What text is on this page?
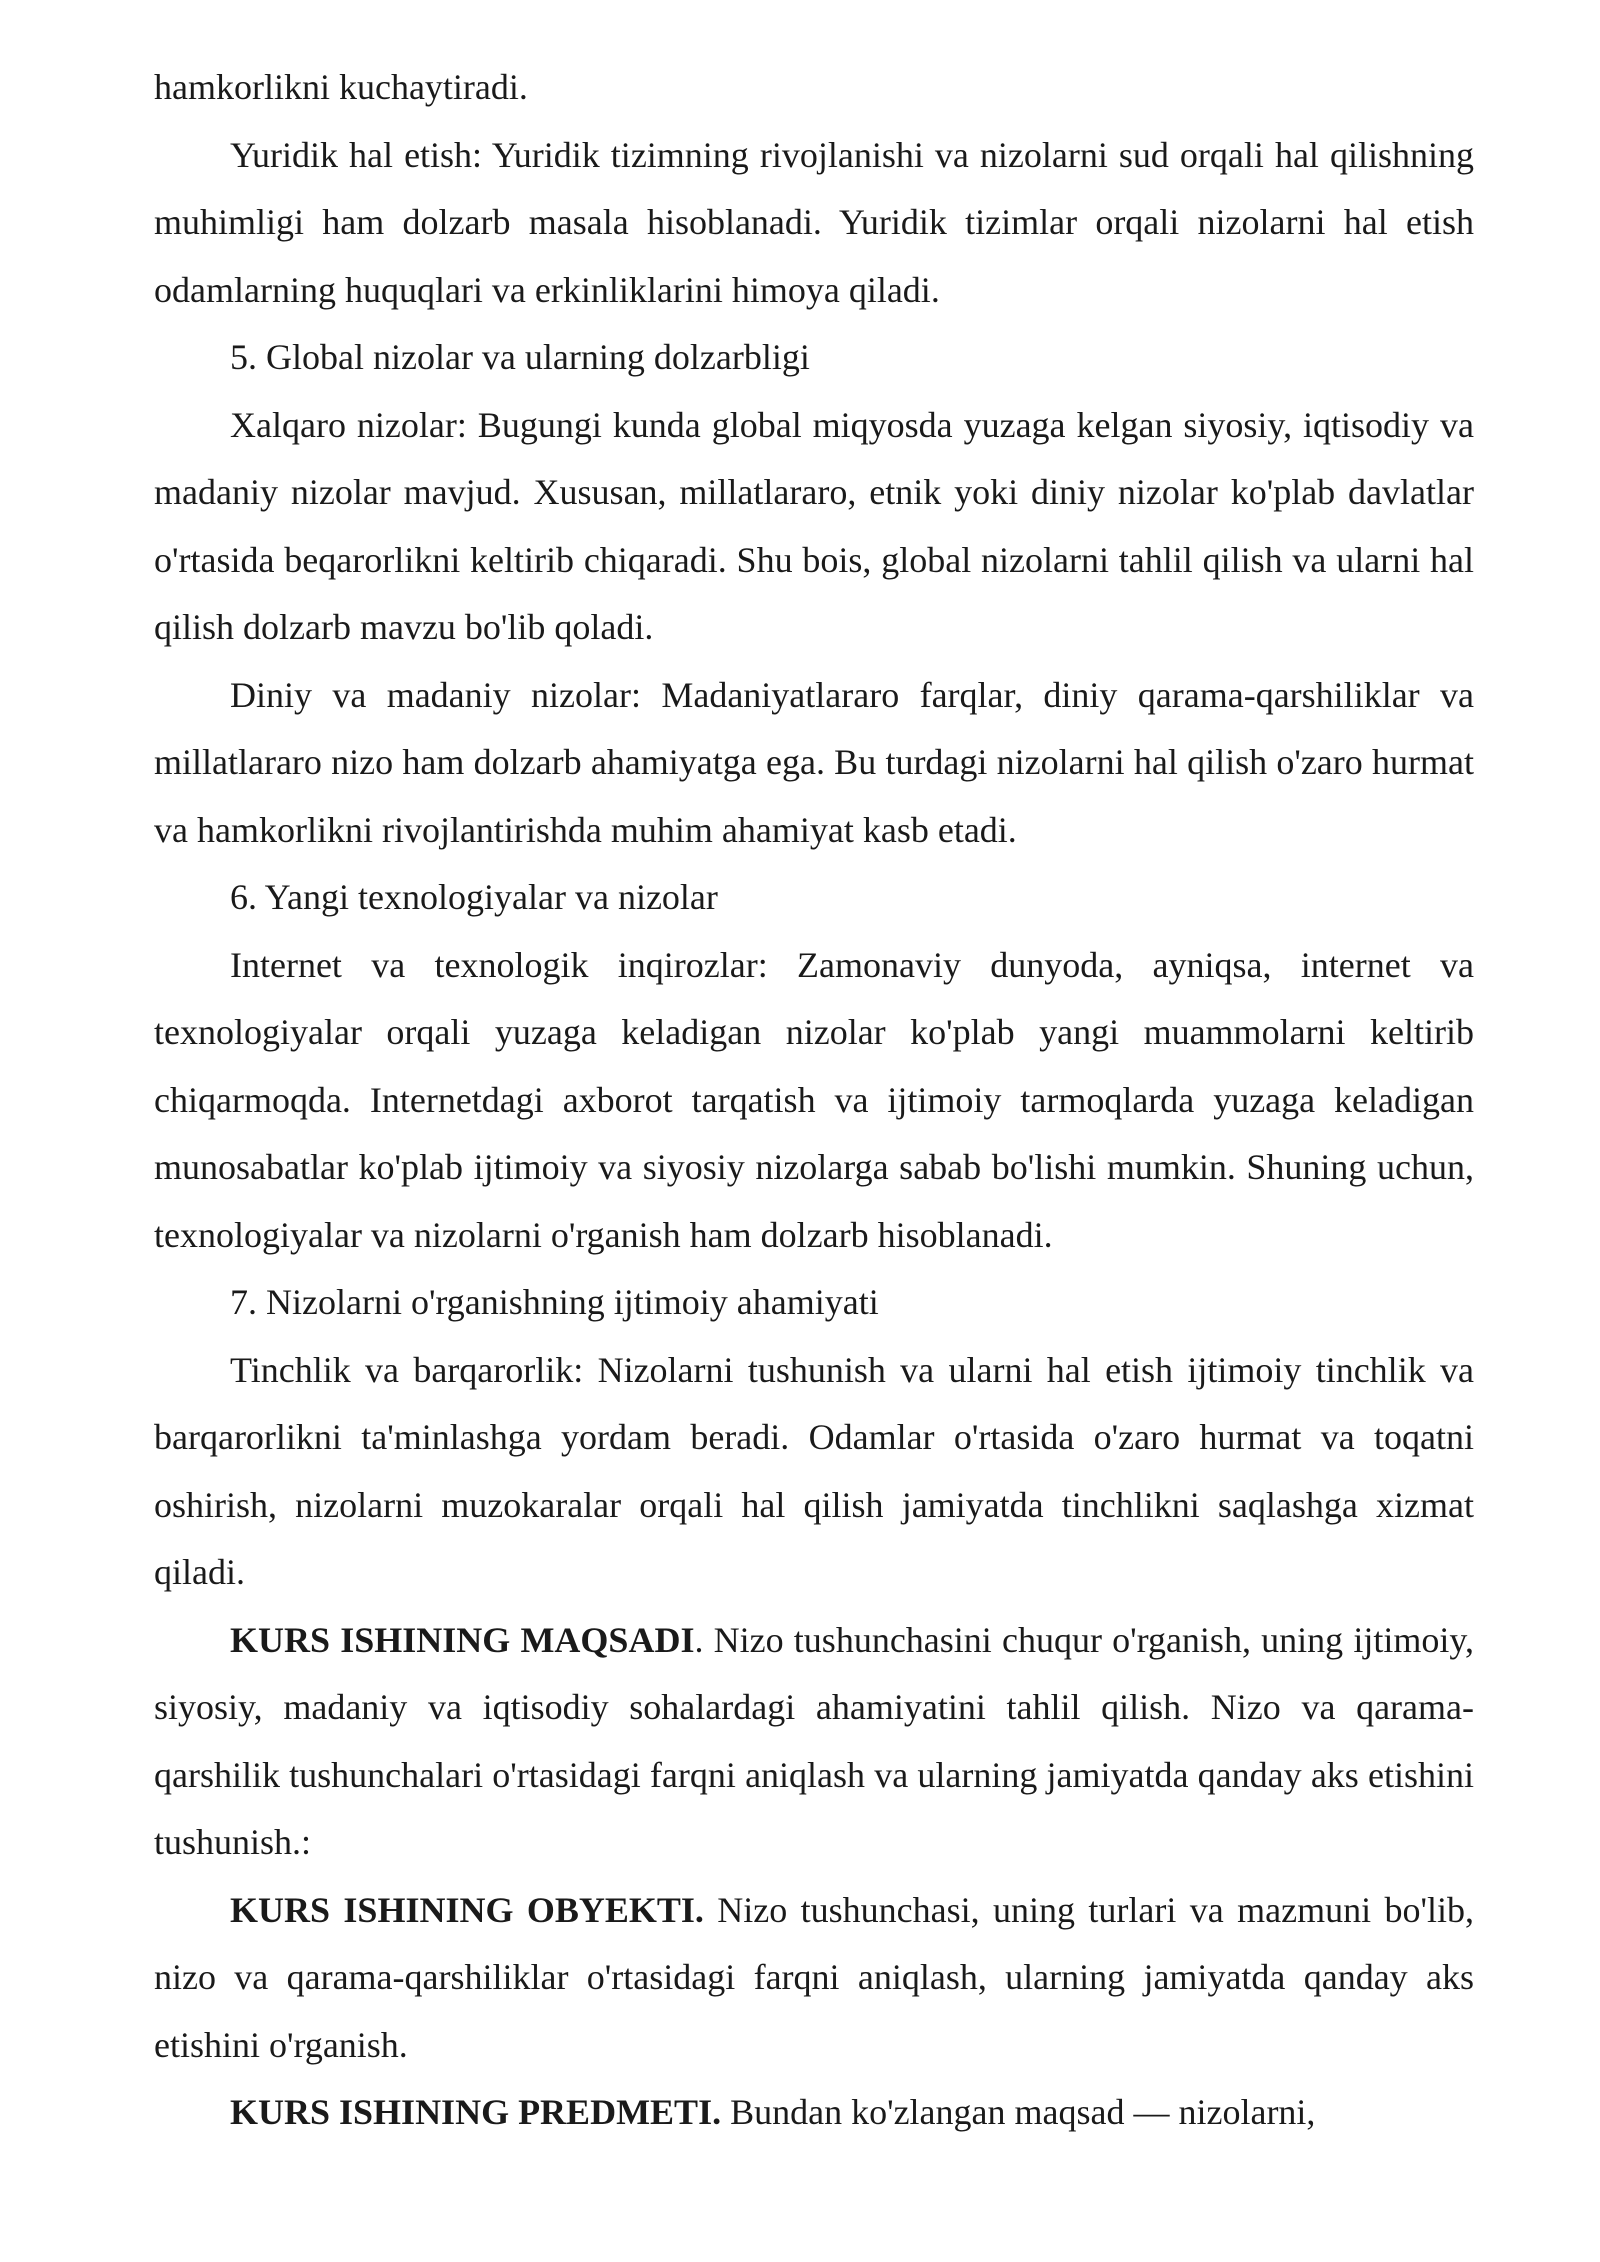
hamkorlikni kuchaytiradi.

Yuridik hal etish: Yuridik tizimning rivojlanishi va nizolarni sud orqali hal qilishning muhimligi ham dolzarb masala hisoblanadi. Yuridik tizimlar orqali nizolarni hal etish odamlarning huquqlari va erkinliklarini himoya qiladi.

5. Global nizolar va ularning dolzarbligi

Xalqaro nizolar: Bugungi kunda global miqyosda yuzaga kelgan siyosiy, iqtisodiy va madaniy nizolar mavjud. Xususan, millatlararo, etnik yoki diniy nizolar ko'plab davlatlar o'rtasida beqarorlikni keltirib chiqaradi. Shu bois, global nizolarni tahlil qilish va ularni hal qilish dolzarb mavzu bo'lib qoladi.

Diniy va madaniy nizolar: Madaniyatlararo farqlar, diniy qarama-qarshiliklar va millatlararo nizo ham dolzarb ahamiyatga ega. Bu turdagi nizolarni hal qilish o'zaro hurmat va hamkorlikni rivojlantirishda muhim ahamiyat kasb etadi.

6. Yangi texnologiyalar va nizolar

Internet va texnologik inqirozlar: Zamonaviy dunyoda, ayniqsa, internet va texnologiyalar orqali yuzaga keladigan nizolar ko'plab yangi muammolarni keltirib chiqarmoqda. Internetdagi axborot tarqatish va ijtimoiy tarmoqlarda yuzaga keladigan munosabatlar ko'plab ijtimoiy va siyosiy nizolarga sabab bo'lishi mumkin. Shuning uchun, texnologiyalar va nizolarni o'rganish ham dolzarb hisoblanadi.

7. Nizolarni o'rganishning ijtimoiy ahamiyati

Tinchlik va barqarorlik: Nizolarni tushunish va ularni hal etish ijtimoiy tinchlik va barqarorlikni ta'minlashga yordam beradi. Odamlar o'rtasida o'zaro hurmat va toqatni oshirish, nizolarni muzokaralar orqali hal qilish jamiyatda tinchlikni saqlashga xizmat qiladi.

KURS ISHINING MAQSADI. Nizo tushunchasini chuqur o'rganish, uning ijtimoiy, siyosiy, madaniy va iqtisodiy sohalardagi ahamiyatini tahlil qilish. Nizo va qarama-qarshilik tushunchalari o'rtasidagi farqni aniqlash va ularning jamiyatda qanday aks etishini tushunish.:

KURS ISHINING OBYEKTI. Nizo tushunchasi, uning turlari va mazmuni bo'lib, nizo va qarama-qarshiliklar o'rtasidagi farqni aniqlash, ularning jamiyatda qanday aks etishini o'rganish.

KURS ISHINING PREDMETI. Bundan ko'zlangan maqsad — nizolarni,
